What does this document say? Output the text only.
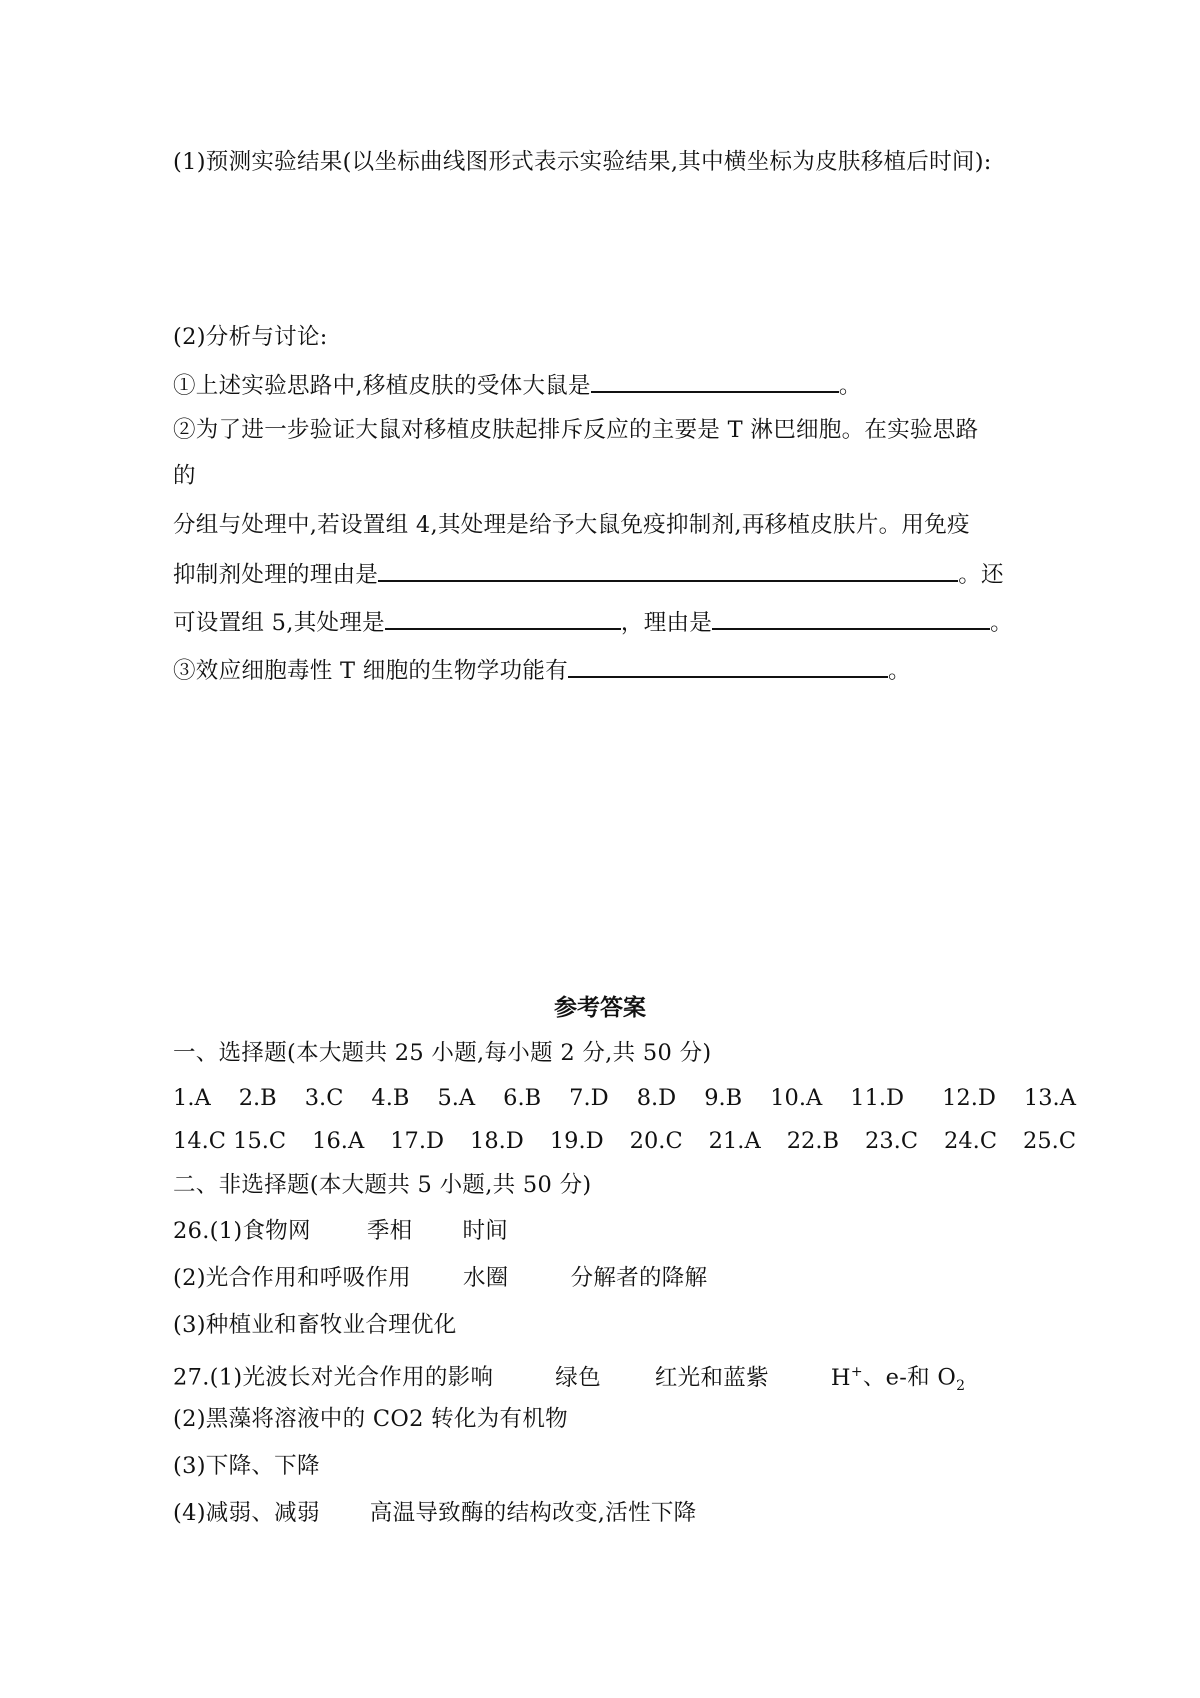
(1)预测实验结果(以坐标曲线图形式表示实验结果,其中横坐标为皮肤移植后时间):
(2)分析与讨论:
①上述实验思路中,移植皮肤的受体大鼠是	。
②为了进一步验证大鼠对移植皮肤起排斥反应的主要是 T 淋巴细胞。在实验思路
的
分组与处理中,若设置组 4,其处理是给予大鼠免疫抑制剂,再移植皮肤片。用免疫
抑制剂处理的理由是	。还
可设置组 5,其处理是	，理由是	。
③效应细胞毒性 T 细胞的生物学功能有	。
参考答案
一、选择题(本大题共 25 小题,每小题 2 分,共 50 分)
1.A 2.B 3.C 4.B 5.A 6.B 7.D 8.D 9.B 10.A 11.D 12.D 13.A
14.C 15.C 16.A 17.D 18.D 19.D 20.C 21.A 22.B 23.C 24.C 25.C
二、非选择题(本大题共 5 小题,共 50 分)
26.(1)食物网 季相 时间
(2)光合作用和呼吸作用 水圈	分解者的降解
(3)种植业和畜牧业合理优化
27.(1)光波长对光合作用的影响	绿色 红光和蓝紫	H+、e-和 $O_2$
(2)黑藻将溶液中的 CO2 转化为有机物
(3)下降、下降
(4)减弱、减弱 高温导致酶的结构改变,活性下降
